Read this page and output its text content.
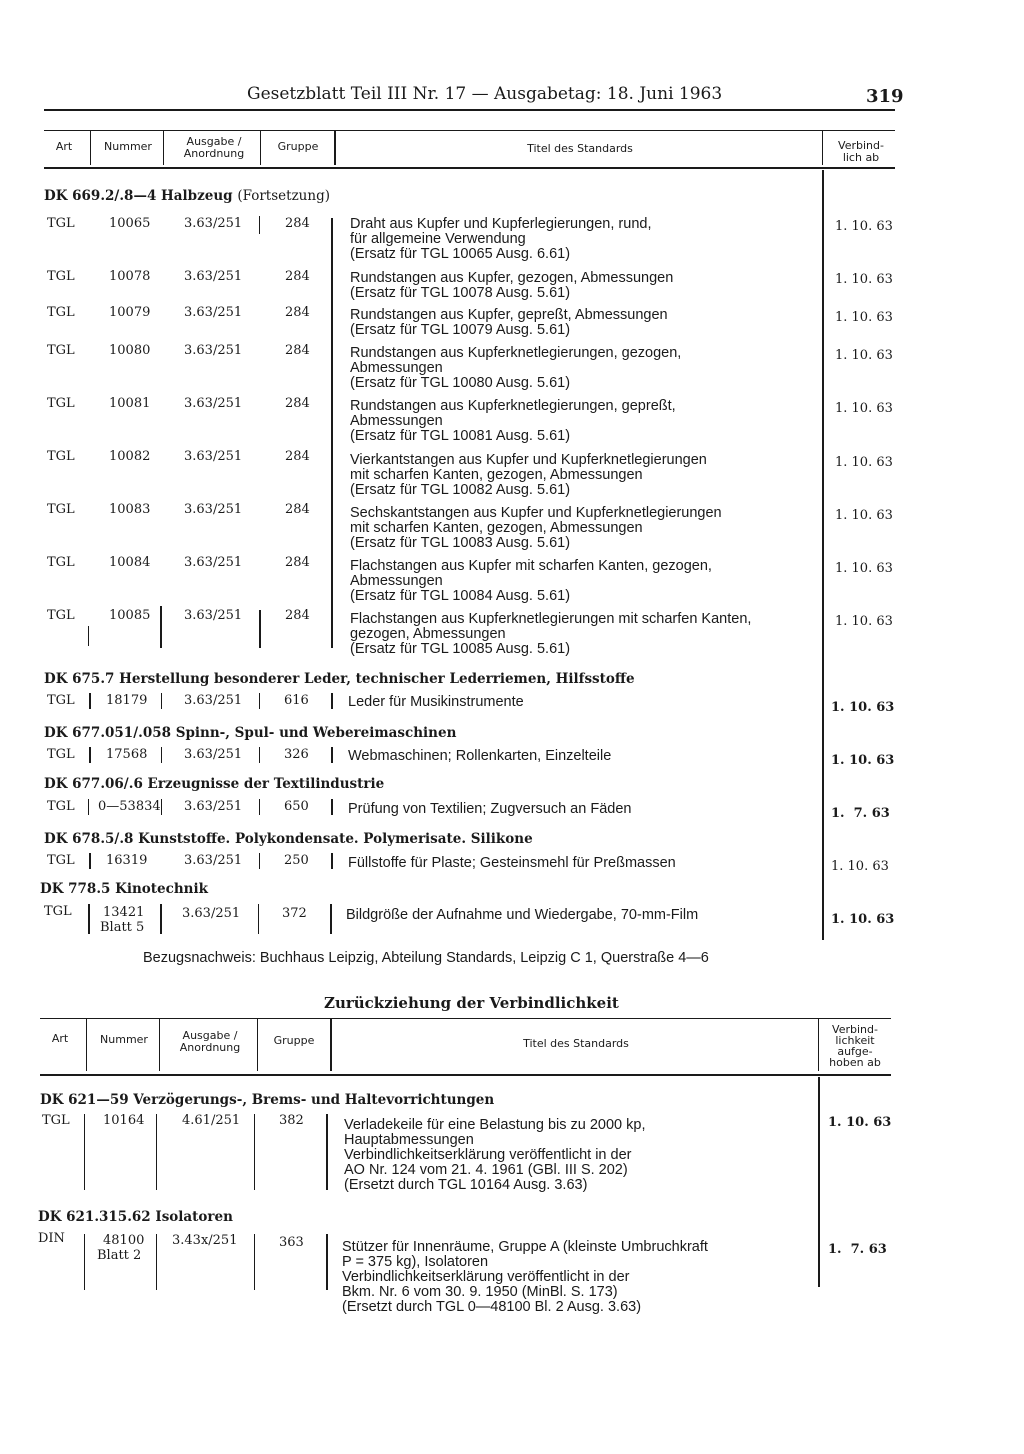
Gesetzblatt Teil III Nr. 17 — Ausgabetag: 18. Juni 1963	319
Art	Nummer	Ausgabe /
Anordnung
Gruppe	Titel des Standards	Verbind-
lich ab
DK 669.2/.8—4 Halbzeug (Fortsetzung)
TGL	10065	3.63/251	284	Draht aus Kupfer und Kupferlegierungen, rund,
für allgemeine Verwendung
(Ersatz für TGL 10065 Ausg. 6.61)
1. 10. 63
TGL	10078	3.63/251	284	Rundstangen aus Kupfer, gezogen, Abmessungen
(Ersatz für TGL 10078 Ausg. 5.61)
1. 10. 63
TGL	10079	3.63/251	284	Rundstangen aus Kupfer, gepreßt, Abmessungen
(Ersatz für TGL 10079 Ausg. 5.61)
1. 10. 63
TGL	10080	3.63/251	284	Rundstangen aus Kupferknetlegierungen, gezogen,
Abmessungen
(Ersatz für TGL 10080 Ausg. 5.61)
1. 10. 63
TGL	10081	3.63/251	284	Rundstangen aus Kupferknetlegierungen, gepreßt,
Abmessungen
(Ersatz für TGL 10081 Ausg. 5.61)
1. 10. 63
TGL	10082	3.63/251	284	Vierkantstangen aus Kupfer und Kupferknetlegierungen
mit scharfen Kanten, gezogen, Abmessungen
(Ersatz für TGL 10082 Ausg. 5.61)
1. 10. 63
TGL	10083	3.63/251	284	Sechskantstangen aus Kupfer und Kupferknetlegierungen
mit scharfen Kanten, gezogen, Abmessungen
(Ersatz für TGL 10083 Ausg. 5.61)
1. 10. 63
TGL	10084	3.63/251	284	Flachstangen aus Kupfer mit scharfen Kanten, gezogen,
Abmessungen
(Ersatz für TGL 10084 Ausg. 5.61)
1. 10. 63
TGL	10085	3.63/251	284	Flachstangen aus Kupferknetlegierungen mit scharfen Kanten,
gezogen, Abmessungen
(Ersatz für TGL 10085 Ausg. 5.61)
1. 10. 63
DK 675.7 Herstellung besonderer Leder, technischer Lederriemen, Hilfsstoffe
TGL 18179	3.63/251	616	Leder für Musikinstrumente	1. 10. 63
DK 677.051/.058 Spinn-, Spul- und Webereimaschinen
TGL 17568	3.63/251	326	Webmaschinen; Rollenkarten, Einzelteile	1. 10. 63
DK 677.06/.6 Erzeugnisse der Textilindustrie
TGL 0—53834 3.63/251	650	Prüfung von Textilien; Zugversuch an Fäden	1.  7. 63
DK 678.5/.8 Kunststoffe. Polykondensate. Polymerisate. Silikone
TGL 16319	3.63/251	250	Füllstoffe für Plaste; Gesteinsmehl für Preßmassen	1. 10. 63
DK 778.5 Kinotechnik
TGL 13421
Blatt 5
3.63/251	372	Bildgröße der Aufnahme und Wiedergabe, 70-mm-Film	1. 10. 63
Bezugsnachweis: Buchhaus Leipzig, Abteilung Standards, Leipzig C 1, Querstraße 4—6
Zurückziehung der Verbindlichkeit
Art	Nummer	Ausgabe /
Anordnung
Gruppe	Titel des Standards
Verbind-
lichkeit
aufge-
hoben ab
DK 621—59 Verzögerungs-, Brems- und Haltevorrichtungen
TGL	10164	4.61/251	382	Verladekeile für eine Belastung bis zu 2000 kp,
Hauptabmessungen
Verbindlichkeitserklärung veröffentlicht in der
AO Nr. 124 vom 21. 4. 1961 (GBl. III S. 202)
(Ersetzt durch TGL 10164 Ausg. 3.63)
1. 10. 63
DK 621.315.62 Isolatoren
DIN	48100
Blatt 2
3.43x/251	363	Stützer für Innenräume, Gruppe A (kleinste Umbruchkraft
P = 375 kg), Isolatoren
Verbindlichkeitserklärung veröffentlicht in der
Bkm. Nr. 6 vom 30. 9. 1950 (MinBl. S. 173)
(Ersetzt durch TGL 0—48100 Bl. 2 Ausg. 3.63)
1.  7. 63
